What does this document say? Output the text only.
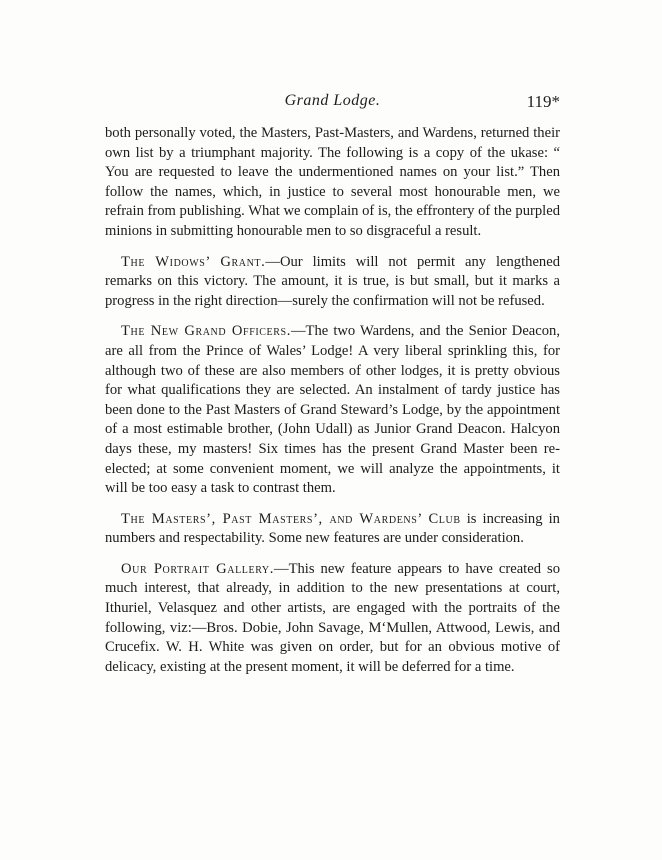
Grand Lodge.	119*

both personally voted, the Masters, Past-Masters, and Wardens, returned their own list by a triumphant majority. The following is a copy of the ukase: “ You are requested to leave the undermentioned names on your list.” Then follow the names, which, in justice to several most honourable men, we refrain from publishing. What we complain of is, the effrontery of the purpled minions in submitting honourable men to so disgraceful a result.

The Widows’ Grant.—Our limits will not permit any lengthened remarks on this victory. The amount, it is true, is but small, but it marks a progress in the right direction—surely the confirmation will not be refused.

The New Grand Officers.—The two Wardens, and the Senior Deacon, are all from the Prince of Wales’ Lodge! A very liberal sprinkling this, for although two of these are also members of other lodges, it is pretty obvious for what qualifications they are selected. An instalment of tardy justice has been done to the Past Masters of Grand Steward’s Lodge, by the appointment of a most estimable brother, (John Udall) as Junior Grand Deacon. Halcyon days these, my masters! Six times has the present Grand Master been re-elected; at some convenient moment, we will analyze the appointments, it will be too easy a task to contrast them.

The Masters’, Past Masters’, and Wardens’ Club is increasing in numbers and respectability. Some new features are under consideration.

Our Portrait Gallery.—This new feature appears to have created so much interest, that already, in addition to the new presentations at court, Ithuriel, Velasquez and other artists, are engaged with the portraits of the following, viz:—Bros. Dobie, John Savage, M‘Mullen, Attwood, Lewis, and Crucefix. W. H. White was given on order, but for an obvious motive of delicacy, existing at the present moment, it will be deferred for a time.
